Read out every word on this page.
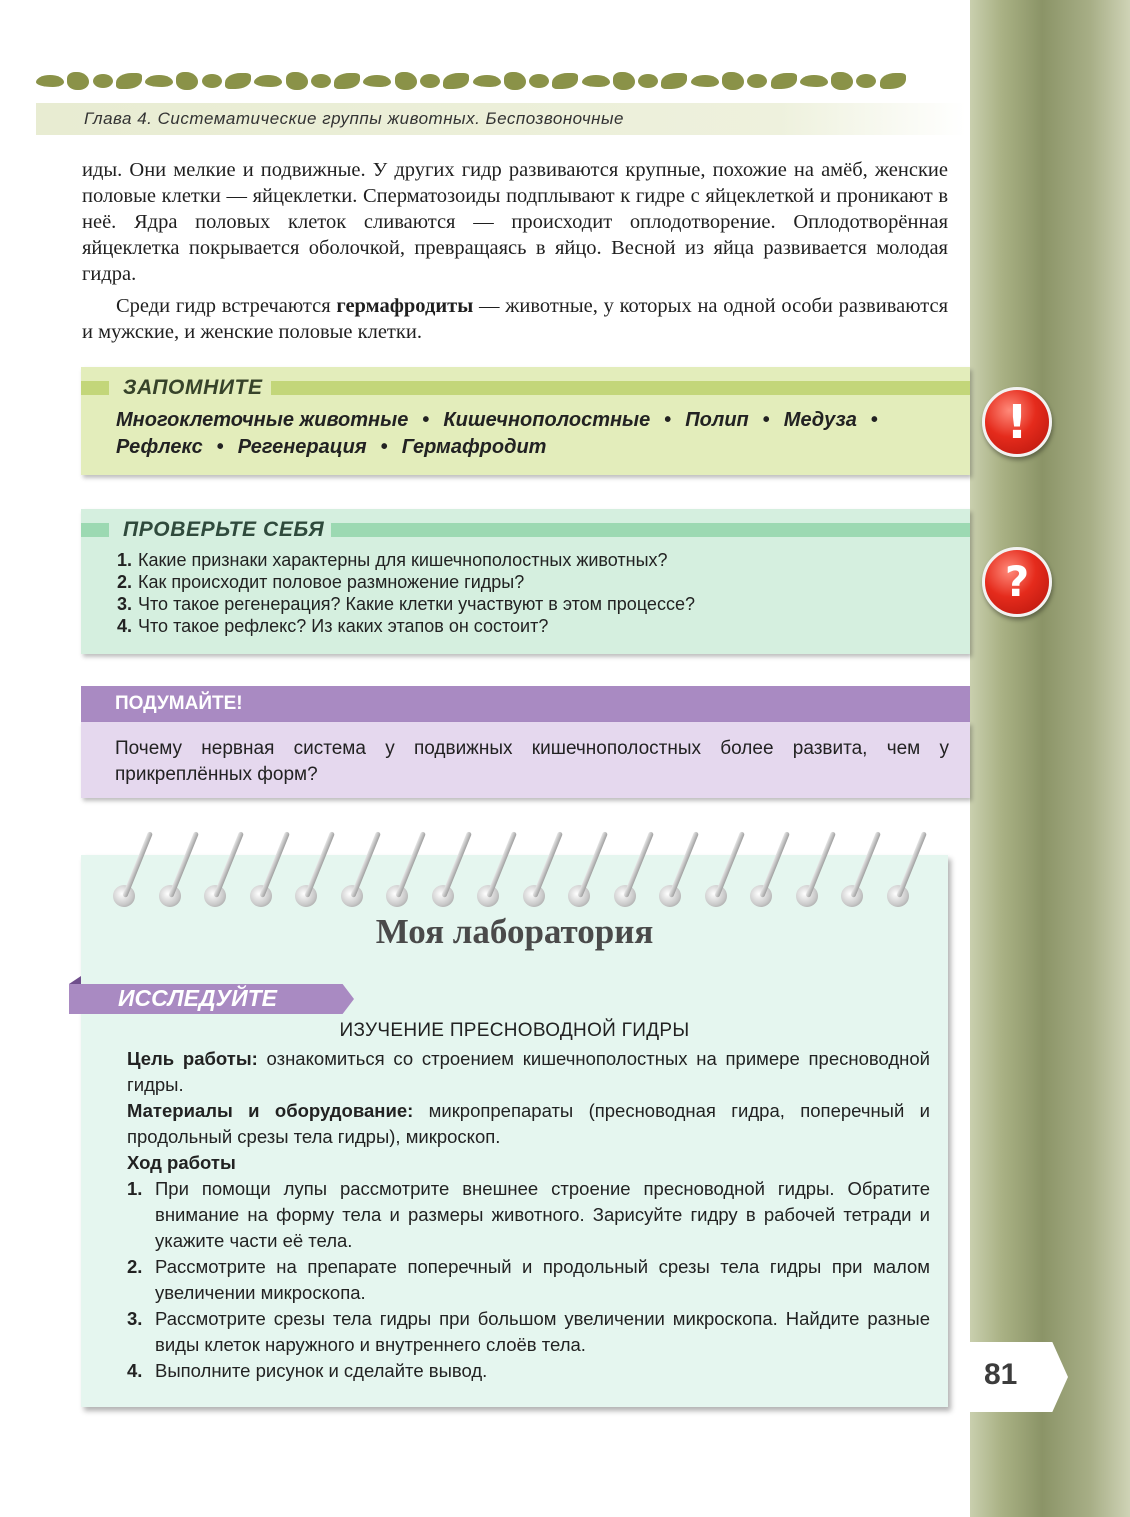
Глава 4. Систематические группы животных. Беспозвоночные

иды. Они мелкие и подвижные. У других гидр развиваются крупные, похожие на амёб, женские половые клетки — яйцеклетки. Сперматозоиды подплывают к гидре с яйцеклеткой и проникают в неё. Ядра половых клеток сливаются — происходит оплодотворение. Оплодотворённая яйцеклетка покрывается оболочкой, превращаясь в яйцо. Весной из яйца развивается молодая гидра.

Среди гидр встречаются гермафродиты — животные, у которых на одной особи развиваются и мужские, и женские половые клетки.

ЗАПОМНИТЕ
Многоклеточные животные • Кишечнополостные • Полип • Медуза •
Рефлекс • Регенерация • Гермафродит	!
ПРОВЕРЬТЕ СЕБЯ
1. Какие признаки характерны для кишечнополостных животных?
2. Как происходит половое размножение гидры?
3. Что такое регенерация? Какие клетки участвуют в этом процессе?
4. Что такое рефлекс? Из каких этапов он состоит?
?
ПОДУМАЙТЕ!
Почему нервная система у подвижных кишечнополостных более развита, чем у прикреплённых форм?
Моя лаборатория
ИССЛЕДУЙТЕ
ИЗУЧЕНИЕ ПРЕСНОВОДНОЙ ГИДРЫ
Цель работы: ознакомиться со строением кишечнополостных на примере пресноводной гидры.
Материалы и оборудование: микропрепараты (пресноводная гидра, поперечный и продольный срезы тела гидры), микроскоп.
Ход работы
1. При помощи лупы рассмотрите внешнее строение пресноводной гидры. Обратите внимание на форму тела и размеры животного. Зарисуйте гидру в рабочей тетради и укажите части её тела.
2. Рассмотрите на препарате поперечный и продольный срезы тела гидры при малом увеличении микроскопа.
3. Рассмотрите срезы тела гидры при большом увеличении микроскопа. Найдите разные виды клеток наружного и внутреннего слоёв тела.
4. Выполните рисунок и сделайте вывод.	81
